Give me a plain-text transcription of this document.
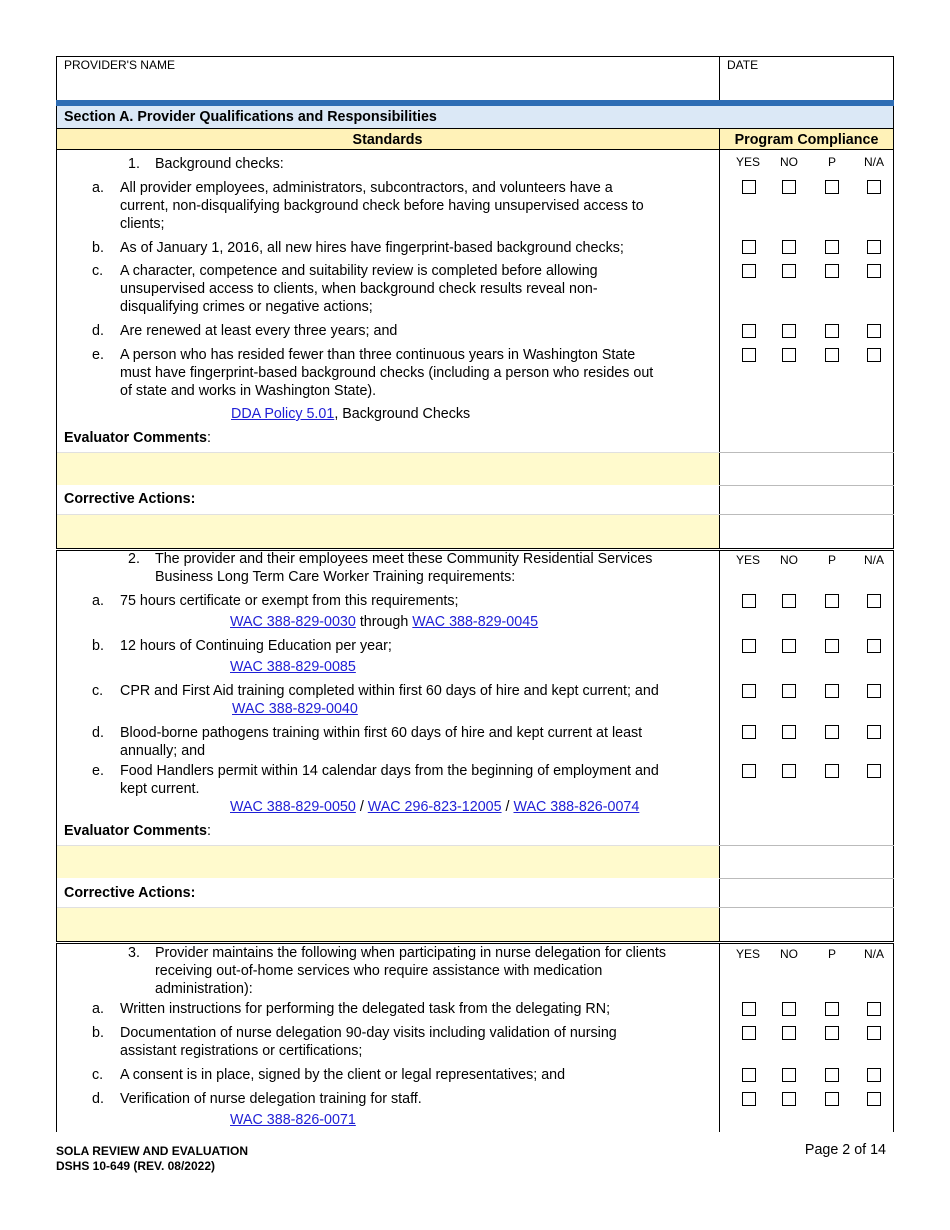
PROVIDER'S NAME	DATE
Section A. Provider Qualifications and Responsibilities
Standards	Program Compliance
YES	NO	P	N/A
1. Background checks:
a. All provider employees, administrators, subcontractors, and volunteers have a
current, non-disqualifying background check before having unsupervised access to
clients;
b. As of January 1, 2016, all new hires have fingerprint-based background checks;
c. A character, competence and suitability review is completed before allowing
unsupervised access to clients, when background check results reveal non-
disqualifying crimes or negative actions;
d. Are renewed at least every three years; and
e. A person who has resided fewer than three continuous years in Washington State
must have fingerprint-based background checks (including a person who resides out
of state and works in Washington State).
DDA Policy 5.01, Background Checks
Evaluator Comments:
Corrective Actions:
YES	NO	P	N/A
2. The provider and their employees meet these Community Residential Services
Business Long Term Care Worker Training requirements:
a. 75 hours certificate or exempt from this requirements;
WAC 388-829-0030 through WAC 388-829-0045
b. 12 hours of Continuing Education per year;
WAC 388-829-0085
c. CPR and First Aid training completed within first 60 days of hire and kept current; and
WAC 388-829-0040
d. Blood-borne pathogens training within first 60 days of hire and kept current at least
annually; and
e. Food Handlers permit within 14 calendar days from the beginning of employment and
kept current.
WAC 388-829-0050 / WAC 296-823-12005 / WAC 388-826-0074
Evaluator Comments:
Corrective Actions:
YES	NO	P	N/A
3. Provider maintains the following when participating in nurse delegation for clients
receiving out-of-home services who require assistance with medication
administration):
a. Written instructions for performing the delegated task from the delegating RN;
b. Documentation of nurse delegation 90-day visits including validation of nursing
assistant registrations or certifications;
c. A consent is in place, signed by the client or legal representatives; and
d. Verification of nurse delegation training for staff.
WAC 388-826-0071
SOLA REVIEW AND EVALUATION
DSHS 10-649 (REV. 08/2022)
Page 2 of 14
